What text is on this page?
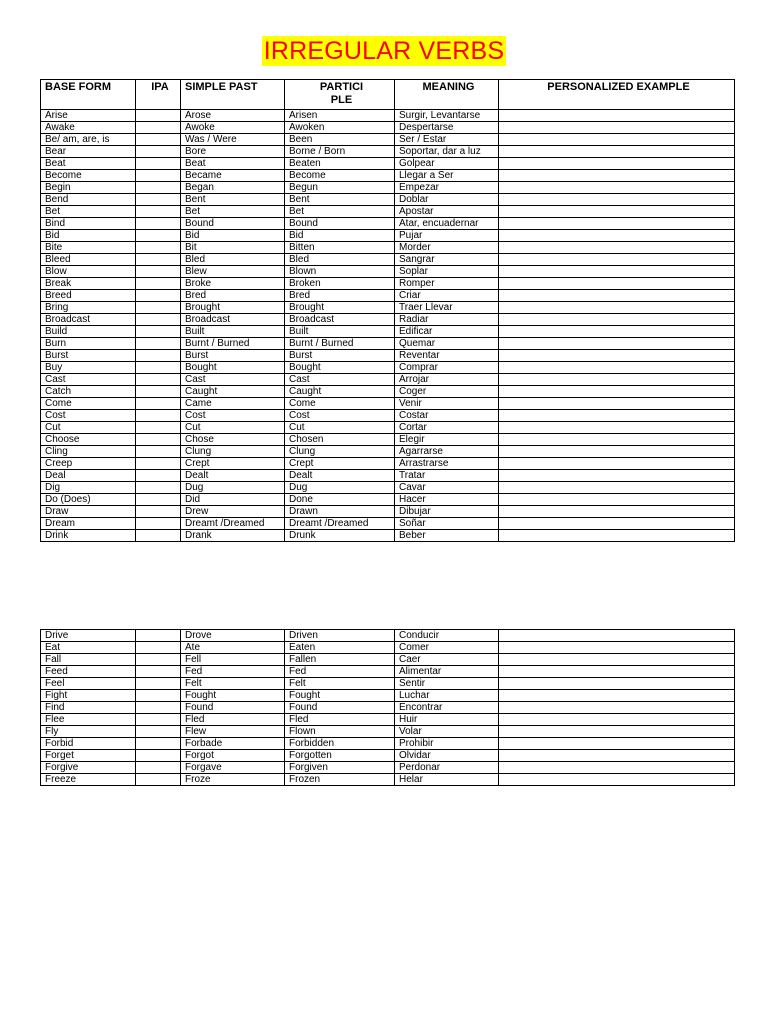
IRREGULAR VERBS
BASE FORM	IPA	SIMPLE PAST	PARTICI
PLE	MEANING	PERSONALIZED EXAMPLE
Arise		Arose	Arisen	Surgir, Levantarse	
Awake		Awoke	Awoken	Despertarse	
Be/ am, are, is		Was / Were	Been	Ser / Estar	
Bear		Bore	Borne / Born	Soportar, dar a luz	
Beat		Beat	Beaten	Golpear	
Become		Became	Become	Llegar a Ser	
Begin		Began	Begun	Empezar	
Bend		Bent	Bent	Doblar	
Bet		Bet	Bet	Apostar	
Bind		Bound	Bound	Atar, encuadernar	
Bid		Bid	Bid	Pujar	
Bite		Bit	Bitten	Morder	
Bleed		Bled	Bled	Sangrar	
Blow		Blew	Blown	Soplar	
Break		Broke	Broken	Romper	
Breed		Bred	Bred	Criar	
Bring		Brought	Brought	Traer Llevar	
Broadcast		Broadcast	Broadcast	Radiar	
Build		Built	Built	Edificar	
Burn		Burnt / Burned	Burnt / Burned	Quemar	
Burst		Burst	Burst	Reventar	
Buy		Bought	Bought	Comprar	
Cast		Cast	Cast	Arrojar	
Catch		Caught	Caught	Coger	
Come		Came	Come	Venir	
Cost		Cost	Cost	Costar	
Cut		Cut	Cut	Cortar	
Choose		Chose	Chosen	Elegir	
Cling		Clung	Clung	Agarrarse	
Creep		Crept	Crept	Arrastrarse	
Deal		Dealt	Dealt	Tratar	
Dig		Dug	Dug	Cavar	
Do (Does)		Did	Done	Hacer	
Draw		Drew	Drawn	Dibujar	
Dream		Dreamt /Dreamed	Dreamt /Dreamed	Soñar	
Drink		Drank	Drunk	Beber	
Drive		Drove	Driven	Conducir	
Eat		Ate	Eaten	Comer	
Fall		Fell	Fallen	Caer	
Feed		Fed	Fed	Alimentar	
Feel		Felt	Felt	Sentir	
Fight		Fought	Fought	Luchar	
Find		Found	Found	Encontrar	
Flee		Fled	Fled	Huir	
Fly		Flew	Flown	Volar	
Forbid		Forbade	Forbidden	Prohibir	
Forget		Forgot	Forgotten	Olvidar	
Forgive		Forgave	Forgiven	Perdonar	
Freeze		Froze	Frozen	Helar	
